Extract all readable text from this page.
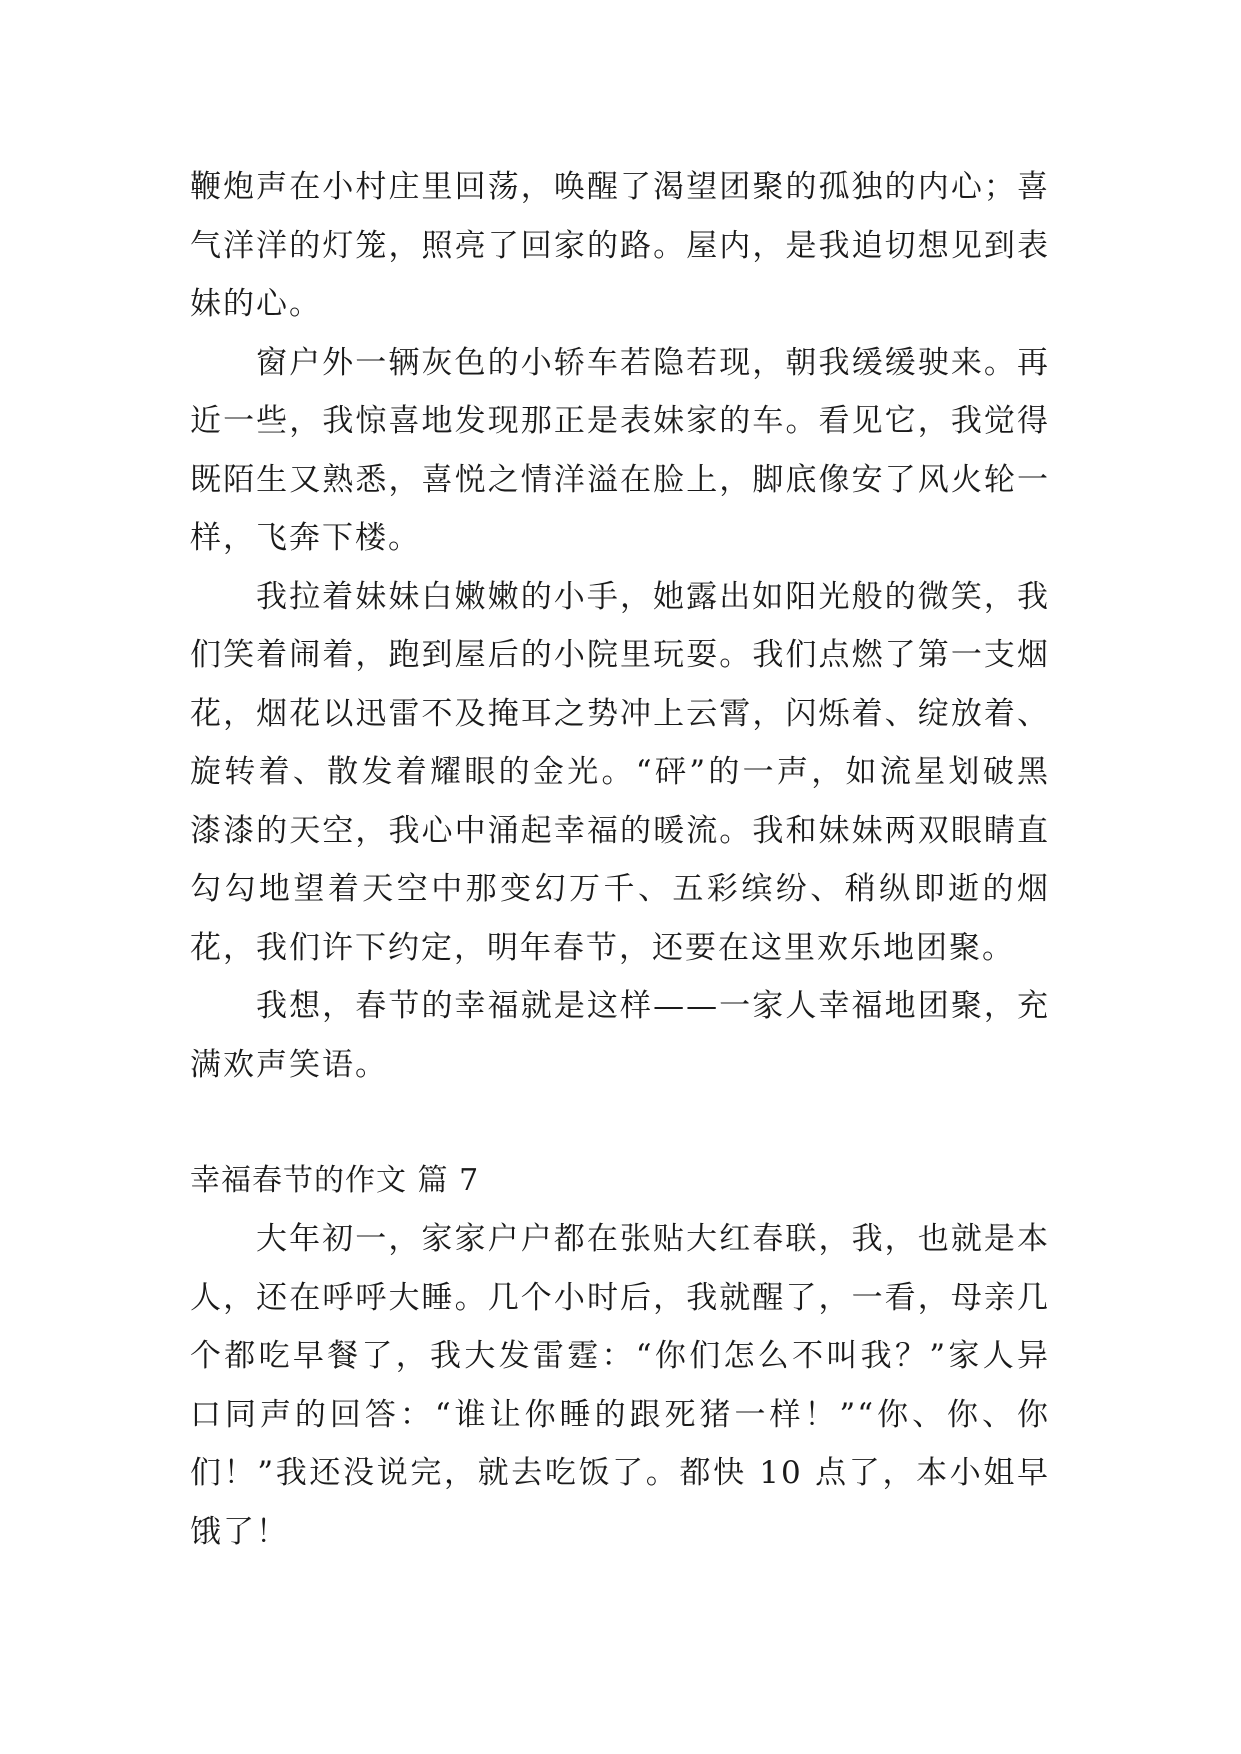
鞭炮声在小村庄里回荡，唤醒了渴望团聚的孤独的内心；喜气洋洋的灯笼，照亮了回家的路。屋内，是我迫切想见到表妹的心。

窗户外一辆灰色的小轿车若隐若现，朝我缓缓驶来。再近一些，我惊喜地发现那正是表妹家的车。看见它，我觉得既陌生又熟悉，喜悦之情洋溢在脸上，脚底像安了风火轮一样，飞奔下楼。

我拉着妹妹白嫩嫩的小手，她露出如阳光般的微笑，我们笑着闹着，跑到屋后的小院里玩耍。我们点燃了第一支烟花，烟花以迅雷不及掩耳之势冲上云霄，闪烁着、绽放着、旋转着、散发着耀眼的金光。“砰”的一声，如流星划破黑漆漆的天空，我心中涌起幸福的暖流。我和妹妹两双眼睛直勾勾地望着天空中那变幻万千、五彩缤纷、稍纵即逝的烟花，我们许下约定，明年春节，还要在这里欢乐地团聚。

我想，春节的幸福就是这样——一家人幸福地团聚，充满欢声笑语。

幸福春节的作文 篇 7

大年初一，家家户户都在张贴大红春联，我，也就是本人，还在呼呼大睡。几个小时后，我就醒了，一看，母亲几个都吃早餐了，我大发雷霆：“你们怎么不叫我？”家人异口同声的回答：“谁让你睡的跟死猪一样！”“你、你、你们！”我还没说完，就去吃饭了。都快 10 点了，本小姐早饿了！
